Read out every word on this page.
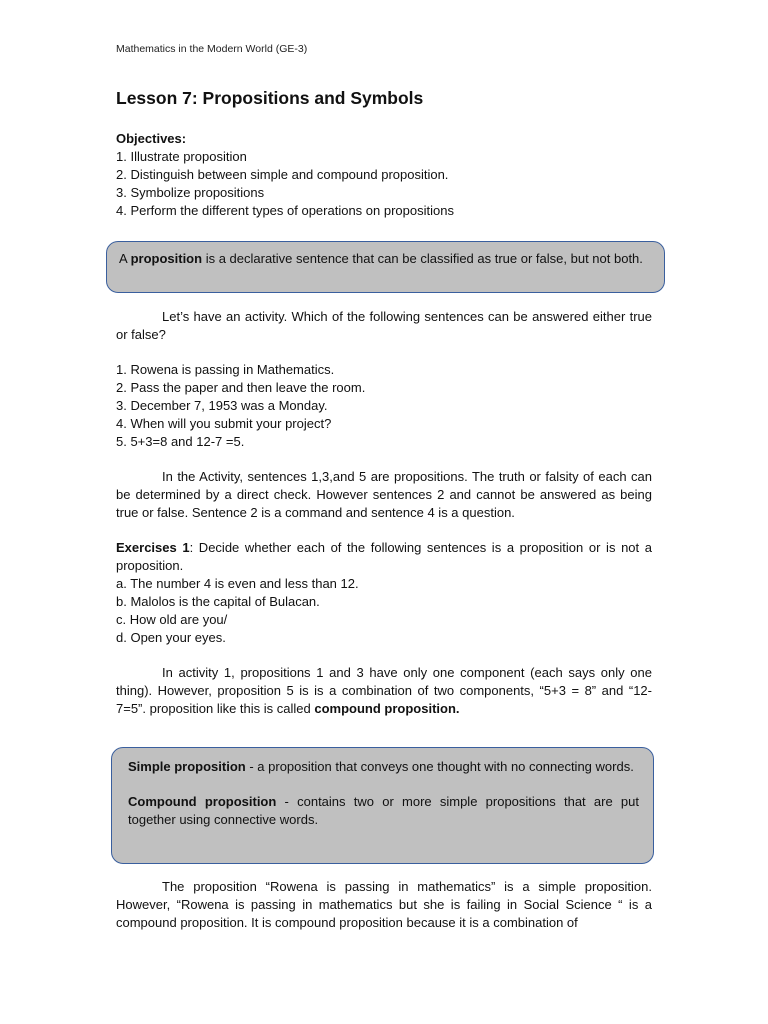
Mathematics in the Modern World (GE-3)
Lesson 7: Propositions and Symbols
Objectives:
1. Illustrate proposition
2. Distinguish between simple and compound proposition.
3. Symbolize propositions
4. Perform the different types of operations on propositions

A proposition is a declarative sentence that can be classified as true or false, but not both.

Let’s have an activity. Which of the following sentences can be answered either true or false?
1. Rowena is passing in Mathematics.
2. Pass the paper and then leave the room.
3. December 7, 1953 was a Monday.
4. When will you submit your project?
5. 5+3=8 and 12-7 =5.
In the Activity, sentences 1,3,and 5 are propositions. The truth or falsity of each can be determined by a direct check. However sentences 2 and cannot be answered as being true or false. Sentence 2 is a command and sentence 4 is a question.
Exercises 1: Decide whether each of the following sentences is a proposition or is not a proposition.
a. The number 4 is even and less than 12.
b. Malolos is the capital of Bulacan.
c. How old are you/
d. Open your eyes.
In activity 1, propositions 1 and 3 have only one component (each says only one thing). However, proposition 5 is is a combination of two components, “5+3 = 8” and “12-7=5”. proposition like this is called compound proposition.

Simple proposition - a proposition that conveys one thought with no connecting words.

Compound proposition - contains two or more simple propositions that are put together using connective words.

The proposition “Rowena is passing in mathematics” is a simple proposition. However, “Rowena is passing in mathematics but she is failing in Social Science “ is a compound proposition. It is compound proposition because it is a combination of
